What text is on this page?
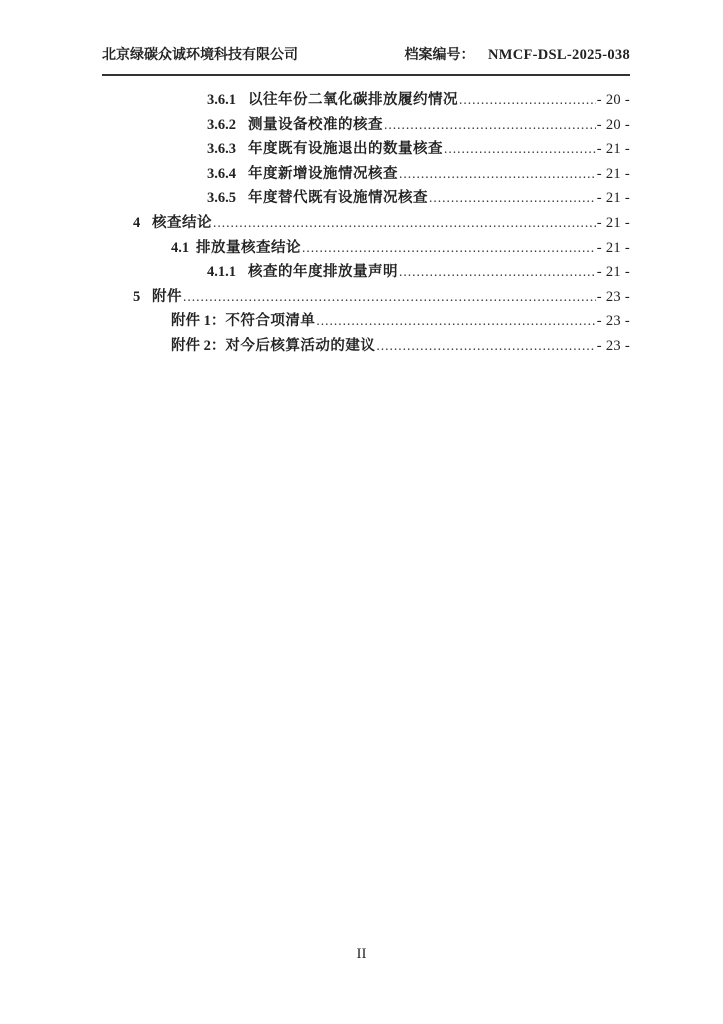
北京绿碳众诚环境科技有限公司	档案编号： NMCF-DSL-2025-038
3.6.1 以往年份二氧化碳排放履约情况 .....	- 20 -
3.6.2 测量设备校准的核查 .....	- 20 -
3.6.3 年度既有设施退出的数量核查 .....	- 21 -
3.6.4 年度新增设施情况核查 .....	- 21 -
3.6.5 年度替代既有设施情况核查 .....	- 21 -
4 核查结论 .....	- 21 -
4.1 排放量核查结论 .....	- 21 -
4.1.1 核查的年度排放量声明 .....	- 21 -
5 附件 .....	- 23 -
附件 1： 不符合项清单 .....	- 23 -
附件 2： 对今后核算活动的建议 .....	- 23 -
II
